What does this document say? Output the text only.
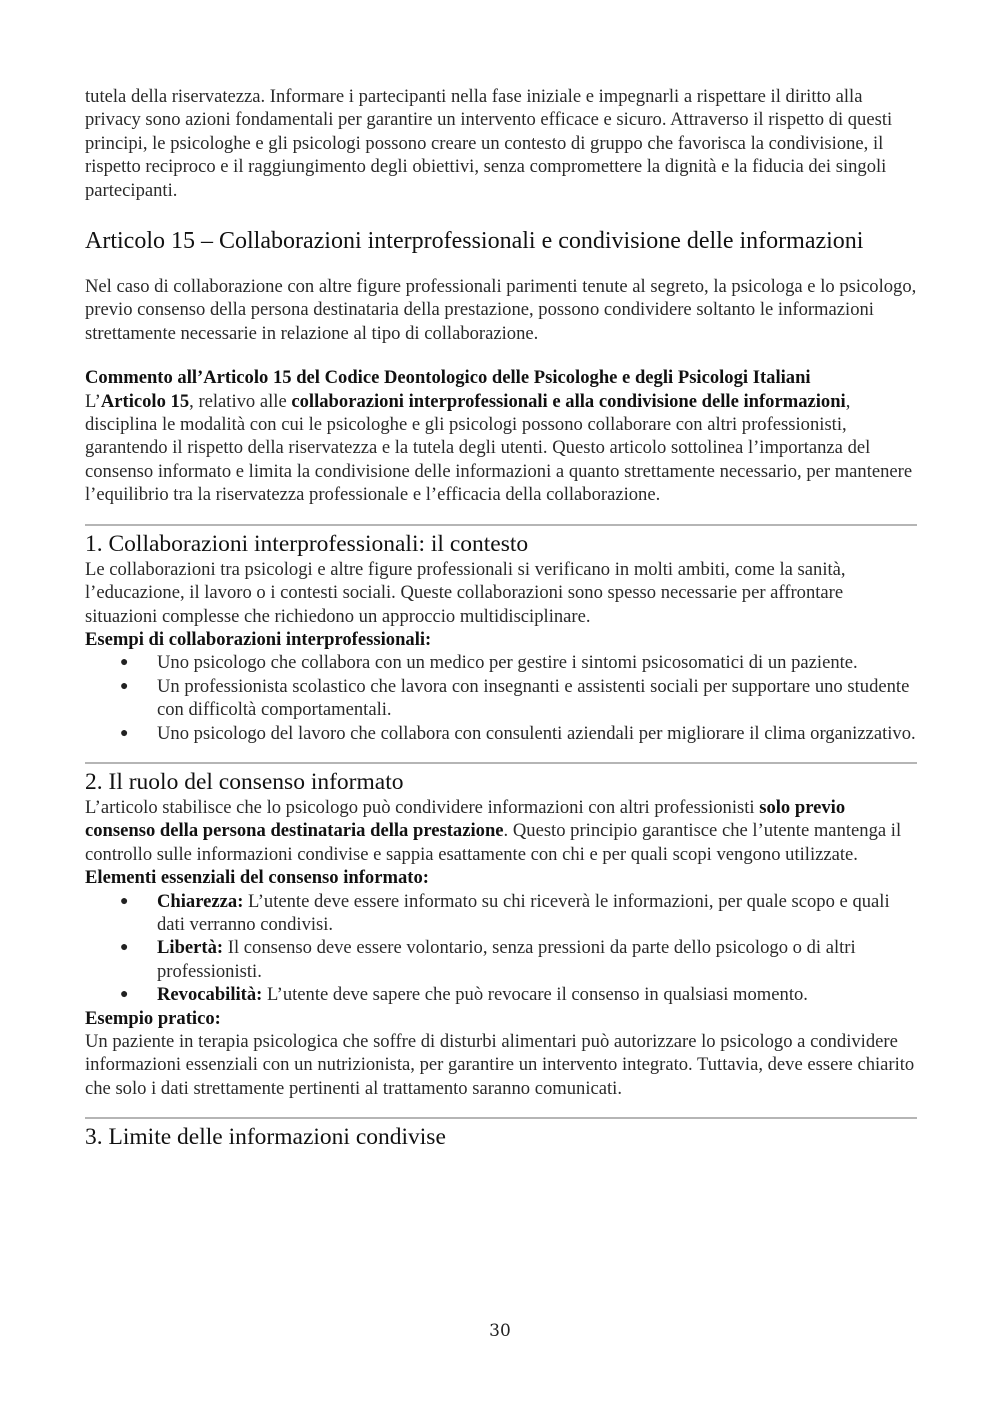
tutela della riservatezza. Informare i partecipanti nella fase iniziale e impegnarli a rispettare il diritto alla privacy sono azioni fondamentali per garantire un intervento efficace e sicuro. Attraverso il rispetto di questi principi, le psicologhe e gli psicologi possono creare un contesto di gruppo che favorisca la condivisione, il rispetto reciproco e il raggiungimento degli obiettivi, senza compromettere la dignità e la fiducia dei singoli partecipanti.

Articolo 15 – Collaborazioni interprofessionali e condivisione delle informazioni

Nel caso di collaborazione con altre figure professionali parimenti tenute al segreto, la psicologa e lo psicologo, previo consenso della persona destinataria della prestazione, possono condividere soltanto le informazioni strettamente necessarie in relazione al tipo di collaborazione.

Commento all’Articolo 15 del Codice Deontologico delle Psicologhe e degli Psicologi Italiani

L’Articolo 15, relativo alle collaborazioni interprofessionali e alla condivisione delle informazioni, disciplina le modalità con cui le psicologhe e gli psicologi possono collaborare con altri professionisti, garantendo il rispetto della riservatezza e la tutela degli utenti. Questo articolo sottolinea l’importanza del consenso informato e limita la condivisione delle informazioni a quanto strettamente necessario, per mantenere l’equilibrio tra la riservatezza professionale e l’efficacia della collaborazione.

1. Collaborazioni interprofessionali: il contesto

Le collaborazioni tra psicologi e altre figure professionali si verificano in molti ambiti, come la sanità, l’educazione, il lavoro o i contesti sociali. Queste collaborazioni sono spesso necessarie per affrontare situazioni complesse che richiedono un approccio multidisciplinare.

Esempi di collaborazioni interprofessionali:
● Uno psicologo che collabora con un medico per gestire i sintomi psicosomatici di un paziente.
● Un professionista scolastico che lavora con insegnanti e assistenti sociali per supportare uno studente con difficoltà comportamentali.
● Uno psicologo del lavoro che collabora con consulenti aziendali per migliorare il clima organizzativo.
2. Il ruolo del consenso informato

L’articolo stabilisce che lo psicologo può condividere informazioni con altri professionisti solo previo consenso della persona destinataria della prestazione. Questo principio garantisce che l’utente mantenga il controllo sulle informazioni condivise e sappia esattamente con chi e per quali scopi vengono utilizzate.

Elementi essenziali del consenso informato:
● Chiarezza: L’utente deve essere informato su chi riceverà le informazioni, per quale scopo e quali dati verranno condivisi.
● Libertà: Il consenso deve essere volontario, senza pressioni da parte dello psicologo o di altri professionisti.
● Revocabilità: L’utente deve sapere che può revocare il consenso in qualsiasi momento.
Esempio pratico:

Un paziente in terapia psicologica che soffre di disturbi alimentari può autorizzare lo psicologo a condividere informazioni essenziali con un nutrizionista, per garantire un intervento integrato. Tuttavia, deve essere chiarito che solo i dati strettamente pertinenti al trattamento saranno comunicati.

3. Limite delle informazioni condivise
30
